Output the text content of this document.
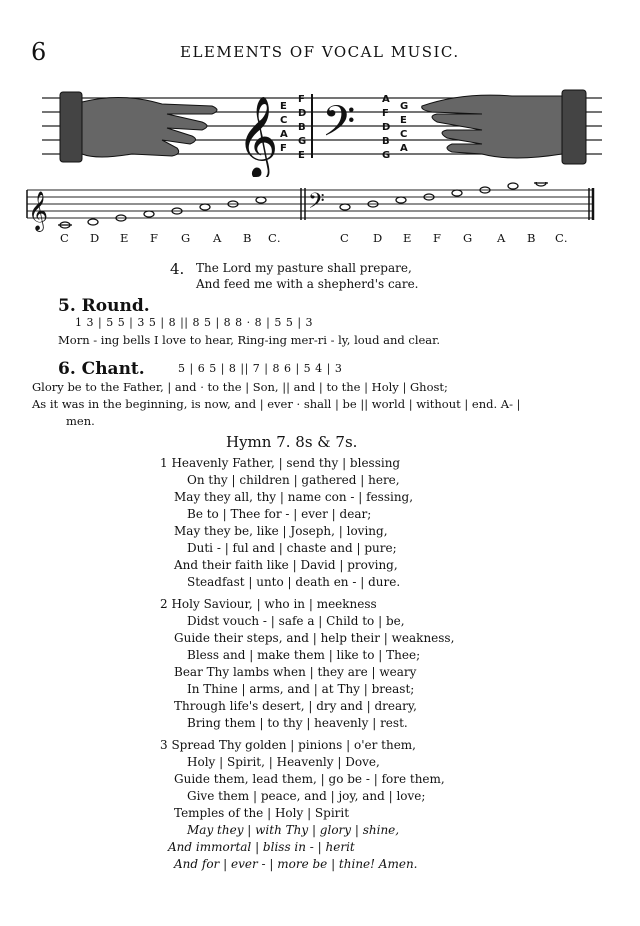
6	ELEMENTS OF VOCAL MUSIC.
𝄞 E
C
A
F
F
D
B
G
E 𝄢	A
F
D
B
G
G
E
C
A
𝄞	𝄢
C D E F G A B C.	C D E F G A B C.
4. The Lord my pasture shall prepare,
And feed me with a shepherd's care.
5. Round.
1 3 | 5 5 | 3 5 | 8 || 8 5 | 8 8 · 8 | 5 5 | 3
Morn - ing bells I love to hear, Ring-ing mer-ri - ly, loud and clear.
6. Chant.	5 | 6 5 | 8 || 7 | 8 6 | 5 4 | 3
Glory be to the Father, | and · to the | Son, || and | to the | Holy | Ghost;
As it was in the beginning, is now, and | ever · shall | be || world | without | end. A- |
men.
Hymn 7. 8s & 7s.
1 Heavenly Father, | send thy | blessing
On thy | children | gathered | here,
May they all, thy | name con - | fessing,
Be to | Thee for - | ever | dear;
May they be, like | Joseph, | loving,
Duti - | ful and | chaste and | pure;
And their faith like | David | proving,
Steadfast | unto | death en - | dure.
2 Holy Saviour, | who in | meekness
Didst vouch - | safe a | Child to | be,
Guide their steps, and | help their | weakness,
Bless and | make them | like to | Thee;
Bear Thy lambs when | they are | weary
In Thine | arms, and | at Thy | breast;
Through life's desert, | dry and | dreary,
Bring them | to thy | heavenly | rest.
3 Spread Thy golden | pinions | o'er them,
Holy | Spirit, | Heavenly | Dove,
Guide them, lead them, | go be - | fore them,
Give them | peace, and | joy, and | love;
Temples of the | Holy | Spirit
May they | with Thy | glory | shine,
And immortal | bliss in - | herit
And for | ever - | more be | thine! Amen.
